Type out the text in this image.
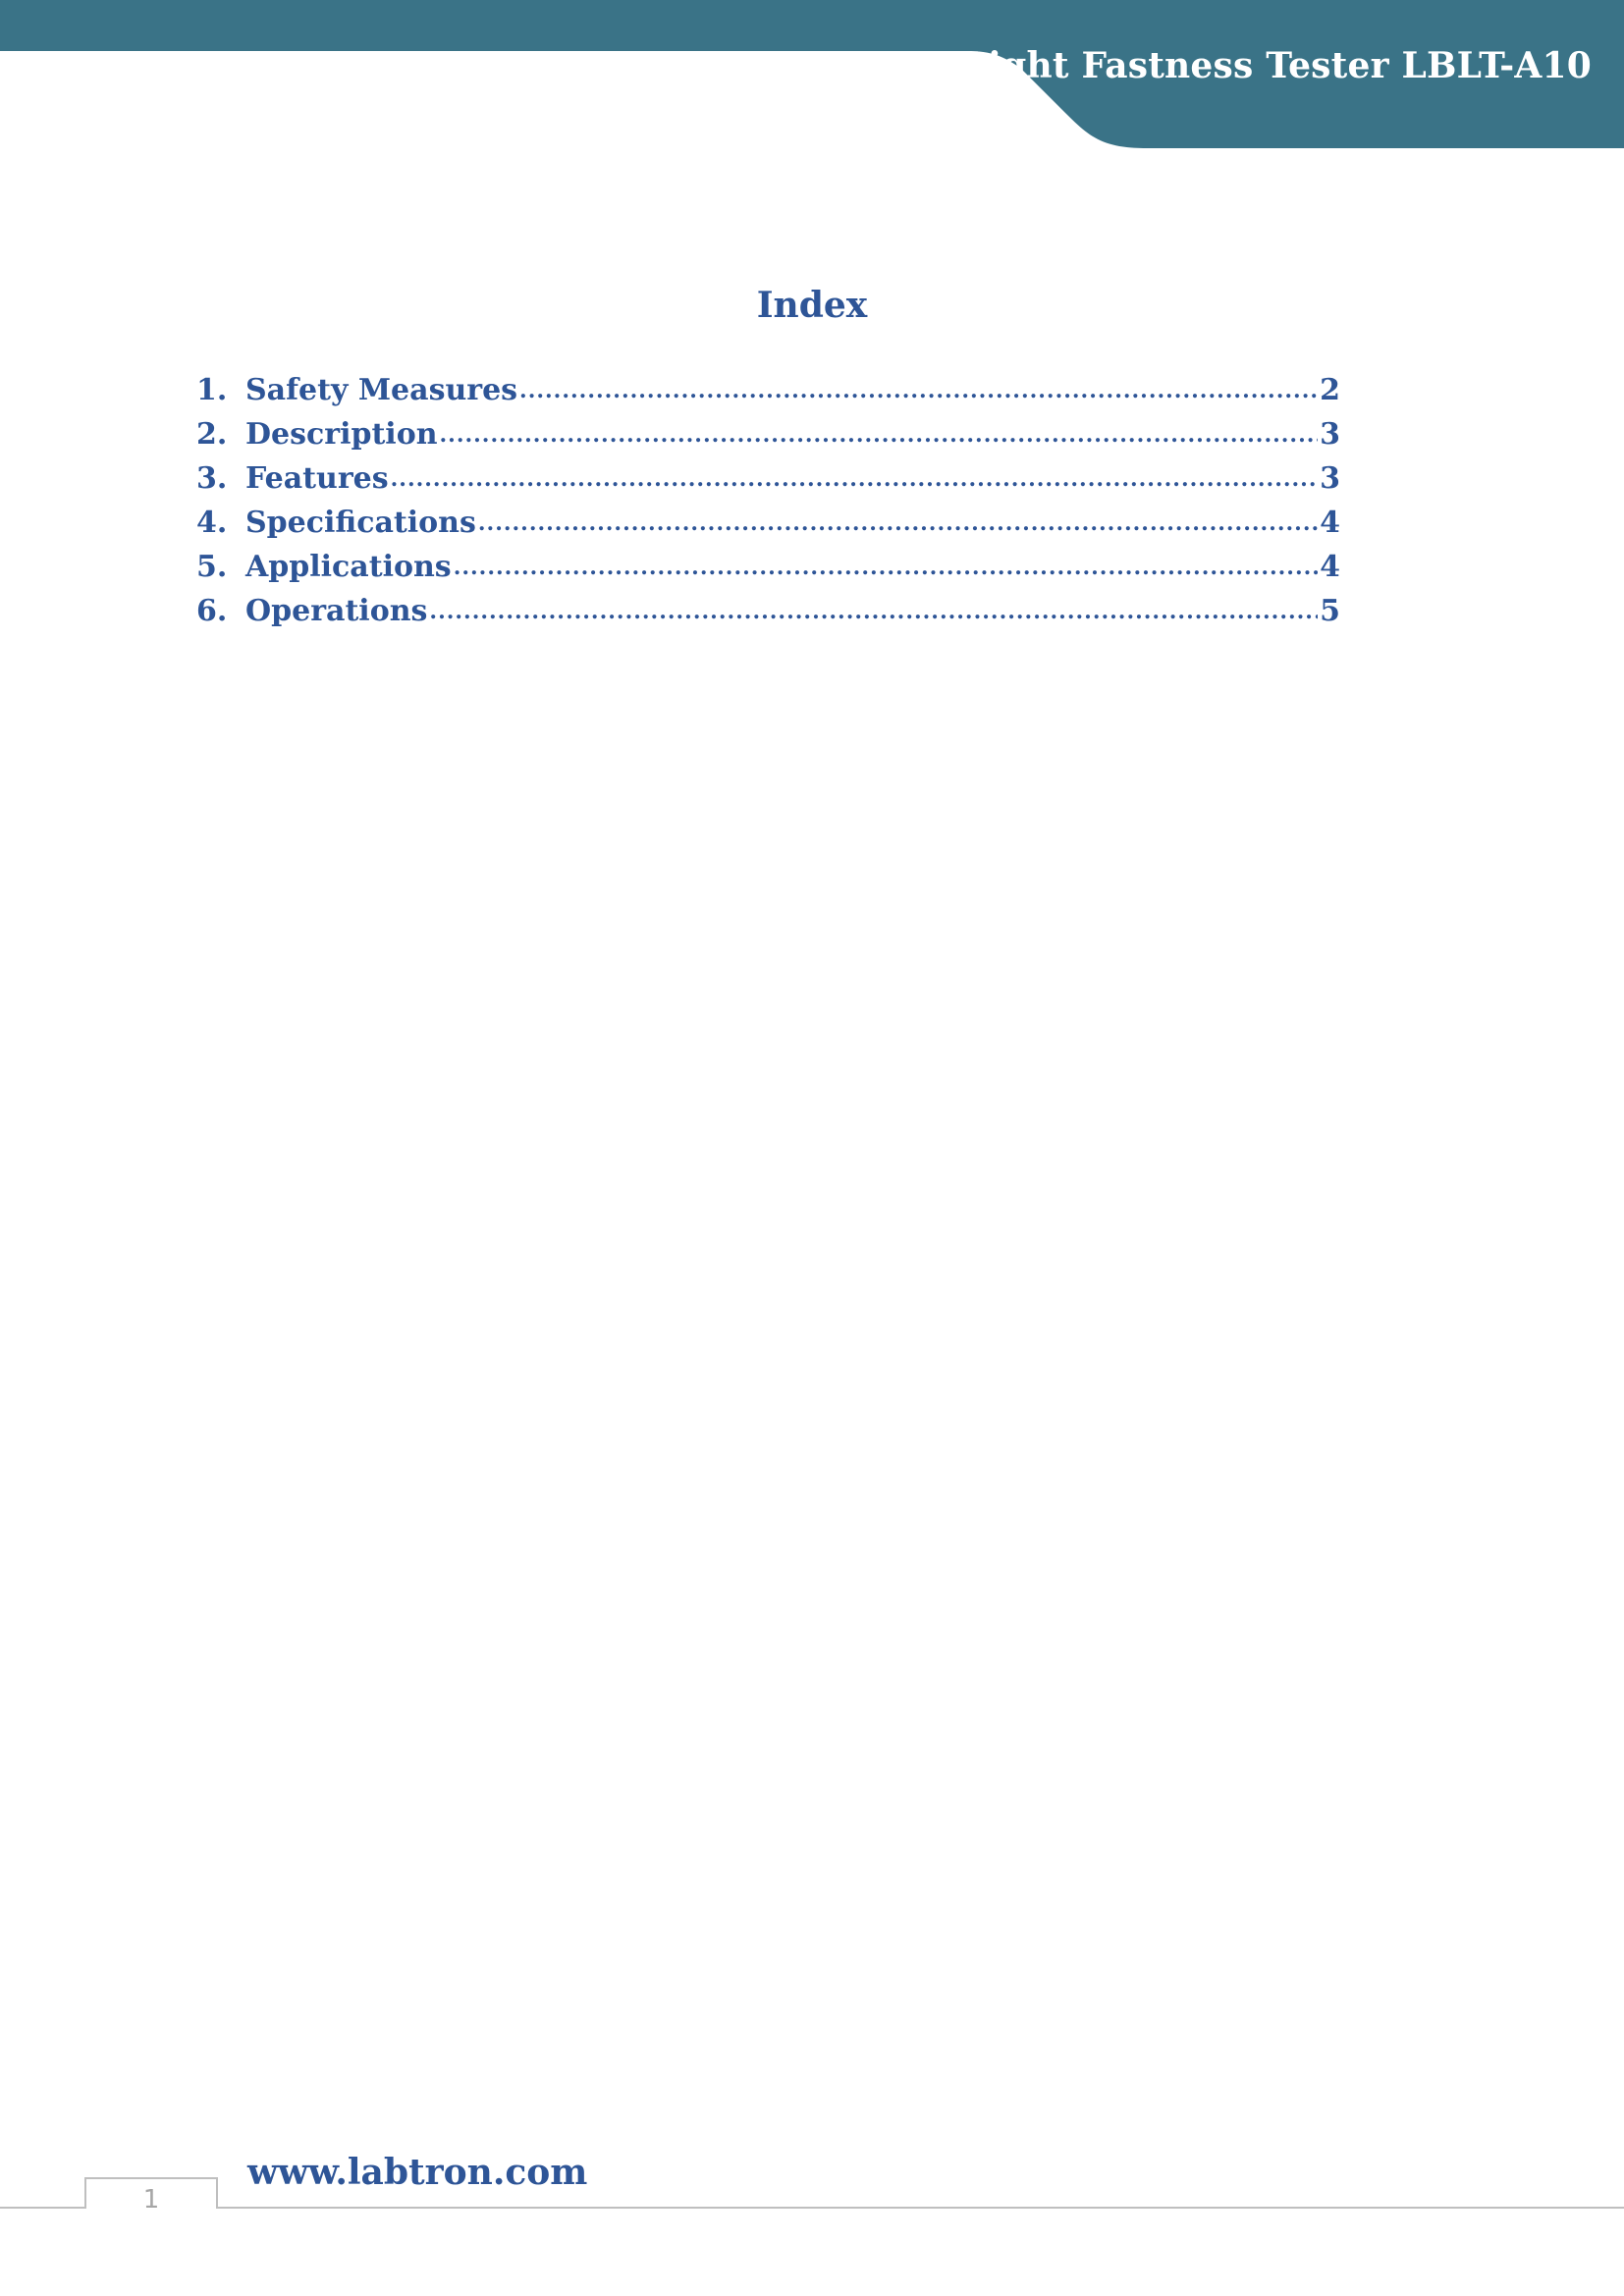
Light Fastness Tester LBLT-A10
Index
1. Safety Measures .....	2
2. Description .....	3
3. Features .....	3
4. Specifications .....	4
5. Applications .....	4
6. Operations .....	5
www.labtron.com
1
